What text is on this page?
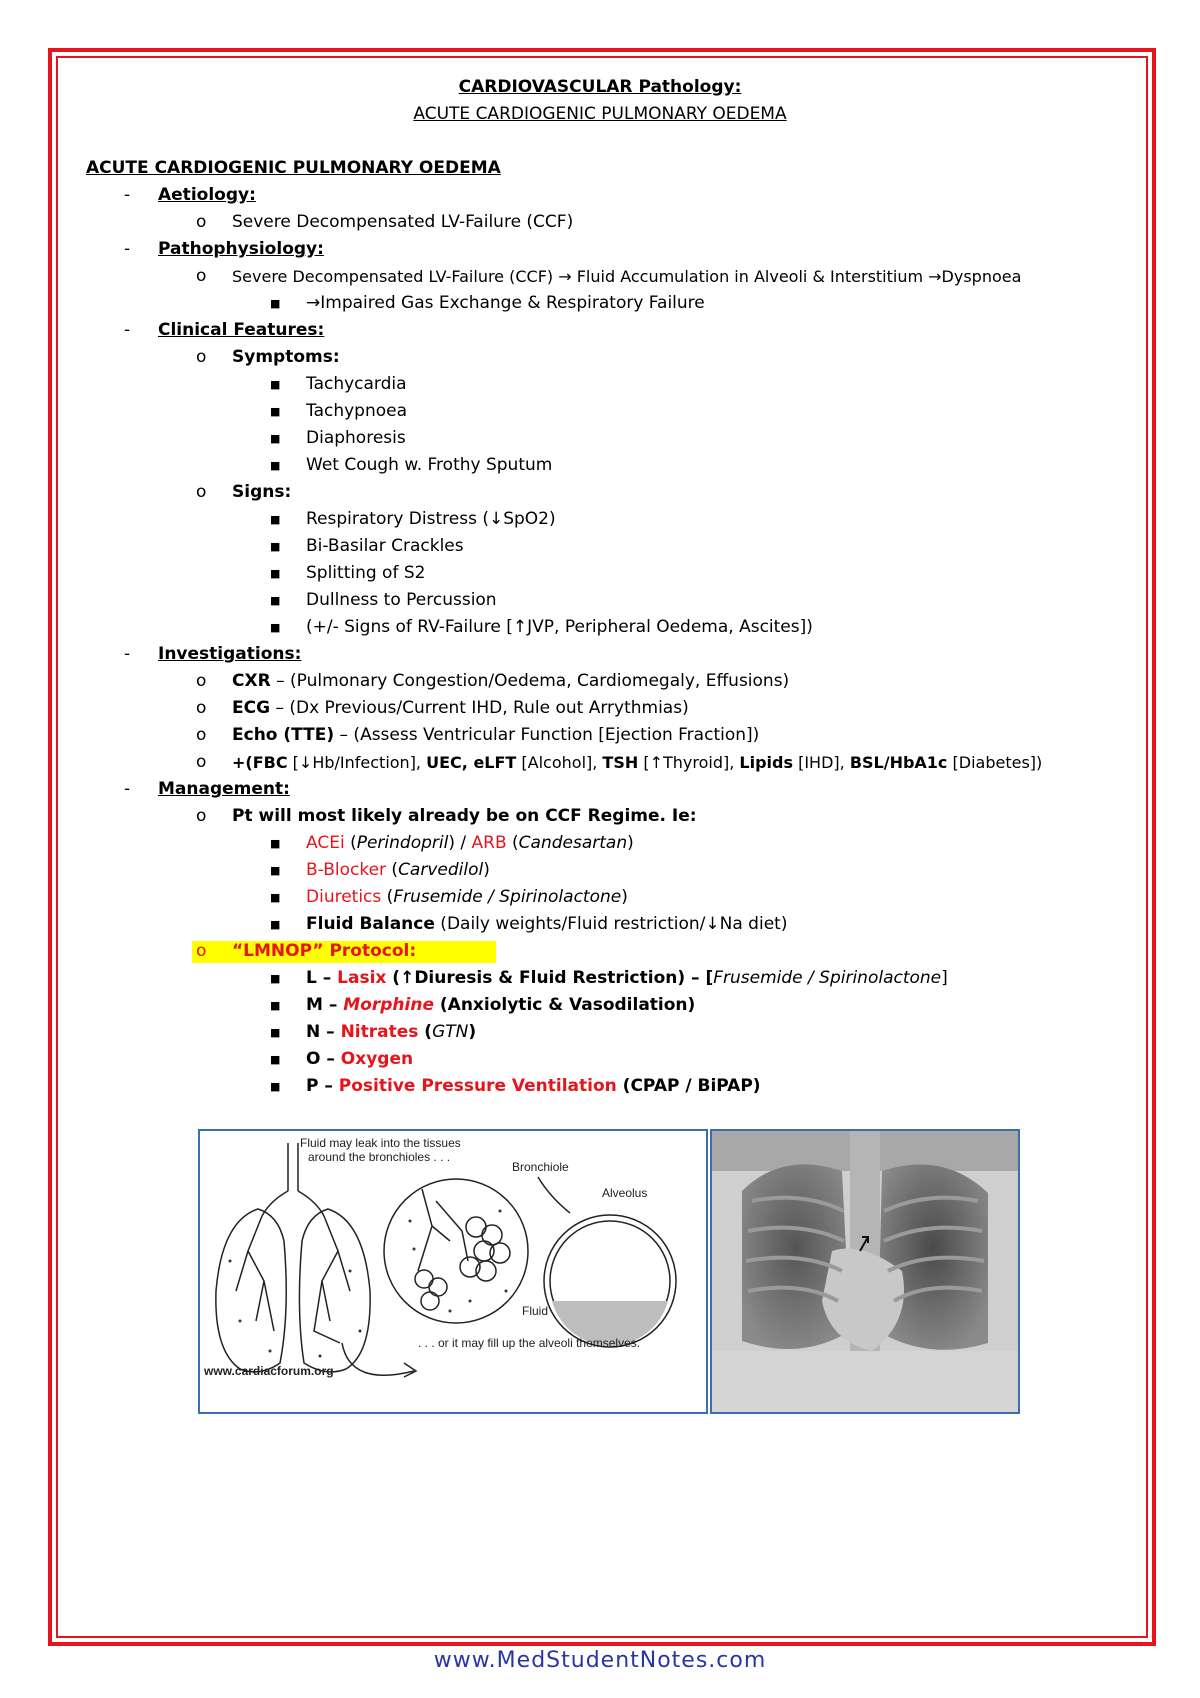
CARDIOVASCULAR Pathology:
ACUTE CARDIOGENIC PULMONARY OEDEMA
ACUTE CARDIOGENIC PULMONARY OEDEMA
- Aetiology:
o Severe Decompensated LV-Failure (CCF)
- Pathophysiology:
o Severe Decompensated LV-Failure (CCF) → Fluid Accumulation in Alveoli & Interstitium →Dyspnoea
■ →Impaired Gas Exchange & Respiratory Failure
- Clinical Features:
o Symptoms:
■ Tachycardia
■ Tachypnoea
■ Diaphoresis
■ Wet Cough w. Frothy Sputum
o Signs:
■ Respiratory Distress (↓SpO2)
■ Bi-Basilar Crackles
■ Splitting of S2
■ Dullness to Percussion
■ (+/- Signs of RV-Failure [↑JVP, Peripheral Oedema, Ascites])
- Investigations:
o CXR – (Pulmonary Congestion/Oedema, Cardiomegaly, Effusions)
o ECG – (Dx Previous/Current IHD, Rule out Arrythmias)
o Echo (TTE) – (Assess Ventricular Function [Ejection Fraction])
o +(FBC [↓Hb/Infection], UEC, eLFT [Alcohol], TSH [↑Thyroid], Lipids [IHD], BSL/HbA1c [Diabetes])
- Management:
o Pt will most likely already be on CCF Regime. Ie:
■ ACEi (Perindopril) / ARB (Candesartan)
■ B-Blocker (Carvedilol)
■ Diuretics (Frusemide / Spirinolactone)
■ Fluid Balance (Daily weights/Fluid restriction/↓Na diet)
o “LMNOP” Protocol:
■ L – Lasix (↑Diuresis & Fluid Restriction) – [Frusemide / Spirinolactone]
■ M – Morphine (Anxiolytic & Vasodilation)
■ N – Nitrates (GTN)
■ O – Oxygen
■ P – Positive Pressure Ventilation (CPAP / BiPAP)
Fluid may leak into the tissues
around the bronchioles . . .
Bronchiole
Alveolus
Fluid
. . . or it may fill up the alveoli themselves.
www.cardiacforum.org
www.MedStudentNotes.com
